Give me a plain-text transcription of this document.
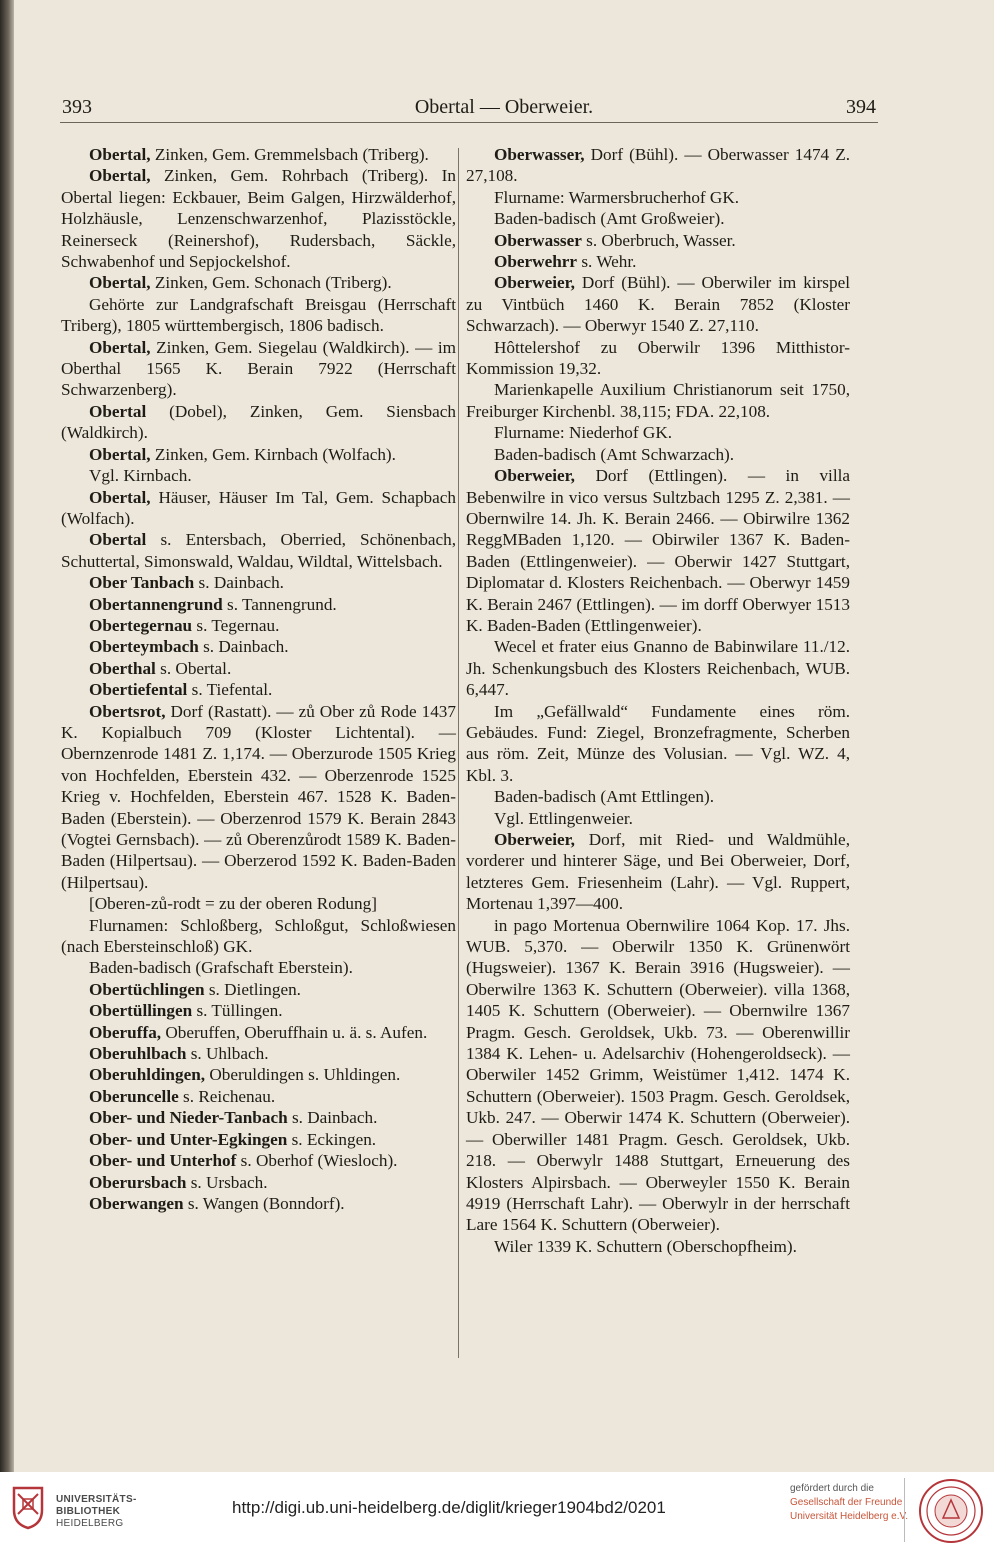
393	Obertal — Oberweier.	394

Obertal, Zinken, Gem. Gremmelsbach (Triberg).

Obertal, Zinken, Gem. Rohrbach (Triberg). In Obertal liegen: Eckbauer, Beim Galgen, Hirzwälderhof, Holzhäusle, Lenzenschwarzenhof, Plazisstöckle, Reinerseck (Reinershof), Rudersbach, Säckle, Schwabenhof und Sepjockelshof.

Obertal, Zinken, Gem. Schonach (Triberg).

Gehörte zur Landgrafschaft Breisgau (Herrschaft Triberg), 1805 württembergisch, 1806 badisch.

Obertal, Zinken, Gem. Siegelau (Waldkirch). — im Oberthal 1565 K. Berain 7922 (Herrschaft Schwarzenberg).

Obertal (Dobel), Zinken, Gem. Siensbach (Waldkirch).

Obertal, Zinken, Gem. Kirnbach (Wolfach).

Vgl. Kirnbach.

Obertal, Häuser, Häuser Im Tal, Gem. Schapbach (Wolfach).

Obertal s. Entersbach, Oberried, Schönenbach, Schuttertal, Simonswald, Waldau, Wildtal, Wittelsbach.

Ober Tanbach s. Dainbach.

Obertannengrund s. Tannengrund.

Obertegernau s. Tegernau.

Oberteymbach s. Dainbach.

Oberthal s. Obertal.

Obertiefental s. Tiefental.

Obertsrot, Dorf (Rastatt). — zů Ober zů Rode 1437 K. Kopialbuch 709 (Kloster Lichtental). — Obernzenrode 1481 Z. 1,174. — Oberzurode 1505 Krieg von Hochfelden, Eberstein 432. — Oberzenrode 1525 Krieg v. Hochfelden, Eberstein 467. 1528 K. Baden-Baden (Eberstein). — Oberzenrod 1579 K. Berain 2843 (Vogtei Gernsbach). — zů Oberenzůrodt 1589 K. Baden-Baden (Hilpertsau). — Oberzerod 1592 K. Baden-Baden (Hilpertsau).

[Oberen-zů-rodt = zu der oberen Rodung]

Flurnamen: Schloßberg, Schloßgut, Schloßwiesen (nach Ebersteinschloß) GK.

Baden-badisch (Grafschaft Eberstein).

Obertüchlingen s. Dietlingen.

Obertüllingen s. Tüllingen.

Oberuffa, Oberuffen, Oberuffhain u. ä. s. Aufen.

Oberuhlbach s. Uhlbach.

Oberuhldingen, Oberuldingen s. Uhldingen.

Oberuncelle s. Reichenau.

Ober- und Nieder-Tanbach s. Dainbach.

Ober- und Unter-Egkingen s. Eckingen.

Ober- und Unterhof s. Oberhof (Wiesloch).

Oberursbach s. Ursbach.

Oberwangen s. Wangen (Bonndorf).

Oberwasser, Dorf (Bühl). — Oberwasser 1474 Z. 27,108.

Flurname: Warmersbrucherhof GK.

Baden-badisch (Amt Großweier).

Oberwasser s. Oberbruch, Wasser.

Oberwehrr s. Wehr.

Oberweier, Dorf (Bühl). — Oberwiler im kirspel zu Vintbüch 1460 K. Berain 7852 (Kloster Schwarzach). — Oberwyr 1540 Z. 27,110.

Hôttelershof zu Oberwilr 1396 Mitthistor-Kommission 19,32.

Marienkapelle Auxilium Christianorum seit 1750, Freiburger Kirchenbl. 38,115; FDA. 22,108.

Flurname: Niederhof GK.

Baden-badisch (Amt Schwarzach).

Oberweier, Dorf (Ettlingen). — in villa Bebenwilre in vico versus Sultzbach 1295 Z. 2,381. — Obernwilre 14. Jh. K. Berain 2466. — Obirwilre 1362 ReggMBaden 1,120. — Obirwiler 1367 K. Baden-Baden (Ettlingenweier). — Oberwir 1427 Stuttgart, Diplomatar d. Klosters Reichenbach. — Oberwyr 1459 K. Berain 2467 (Ettlingen). — im dorff Oberwyer 1513 K. Baden-Baden (Ettlingenweier).

Wecel et frater eius Gnanno de Babinwilare 11./12. Jh. Schenkungsbuch des Klosters Reichenbach, WUB. 6,447.

Im „Gefällwald“ Fundamente eines röm. Gebäudes. Fund: Ziegel, Bronzefragmente, Scherben aus röm. Zeit, Münze des Volusian. — Vgl. WZ. 4, Kbl. 3.

Baden-badisch (Amt Ettlingen).

Vgl. Ettlingenweier.

Oberweier, Dorf, mit Ried- und Waldmühle, vorderer und hinterer Säge, und Bei Oberweier, Dorf, letzteres Gem. Friesenheim (Lahr). — Vgl. Ruppert, Mortenau 1,397—400.

in pago Mortenua Obernwilire 1064 Kop. 17. Jhs. WUB. 5,370. — Oberwilr 1350 K. Grünenwört (Hugsweier). 1367 K. Berain 3916 (Hugsweier). — Oberwilre 1363 K. Schuttern (Oberweier). villa 1368, 1405 K. Schuttern (Oberweier). — Obernwilre 1367 Pragm. Gesch. Geroldsek, Ukb. 73. — Oberenwillir 1384 K. Lehen- u. Adelsarchiv (Hohengeroldseck). — Oberwiler 1452 Grimm, Weistümer 1,412. 1474 K. Schuttern (Oberweier). 1503 Pragm. Gesch. Geroldsek, Ukb. 247. — Oberwir 1474 K. Schuttern (Oberweier). — Oberwiller 1481 Pragm. Gesch. Geroldsek, Ukb. 218. — Oberwylr 1488 Stuttgart, Erneuerung des Klosters Alpirsbach. — Oberweyler 1550 K. Berain 4919 (Herrschaft Lahr). — Oberwylr in der herrschaft Lare 1564 K. Schuttern (Oberweier).

Wiler 1339 K. Schuttern (Oberschopfheim).

UNIVERSITÄTS-
BIBLIOTHEK
HEIDELBERG
http://digi.ub.uni-heidelberg.de/diglit/krieger1904bd2/0201
gefördert durch die
Gesellschaft der Freunde
Universität Heidelberg e.V.
